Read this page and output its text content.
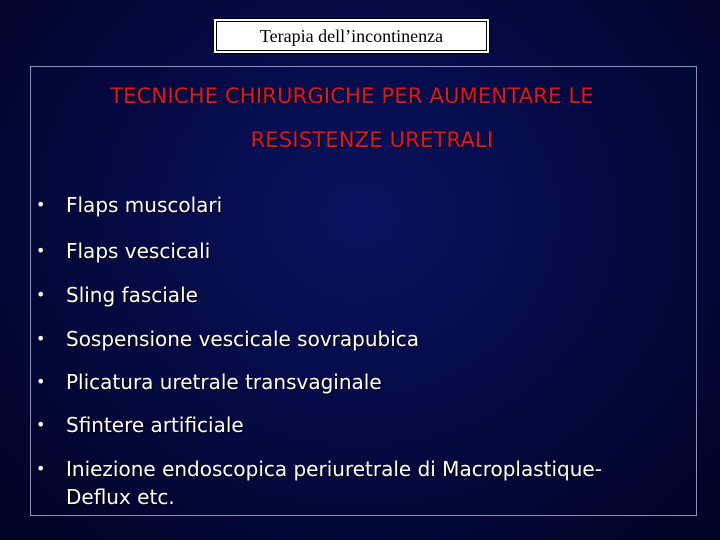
Terapia dell’incontinenza
TECNICHE CHIRURGICHE PER AUMENTARE LE
RESISTENZE URETRALI
• Flaps muscolari
• Flaps vescicali
• Sling fasciale
• Sospensione vescicale sovrapubica
• Plicatura uretrale transvaginale
• Sfintere artificiale
• Iniezione endoscopica periuretrale di Macroplastique-
Deflux etc.
